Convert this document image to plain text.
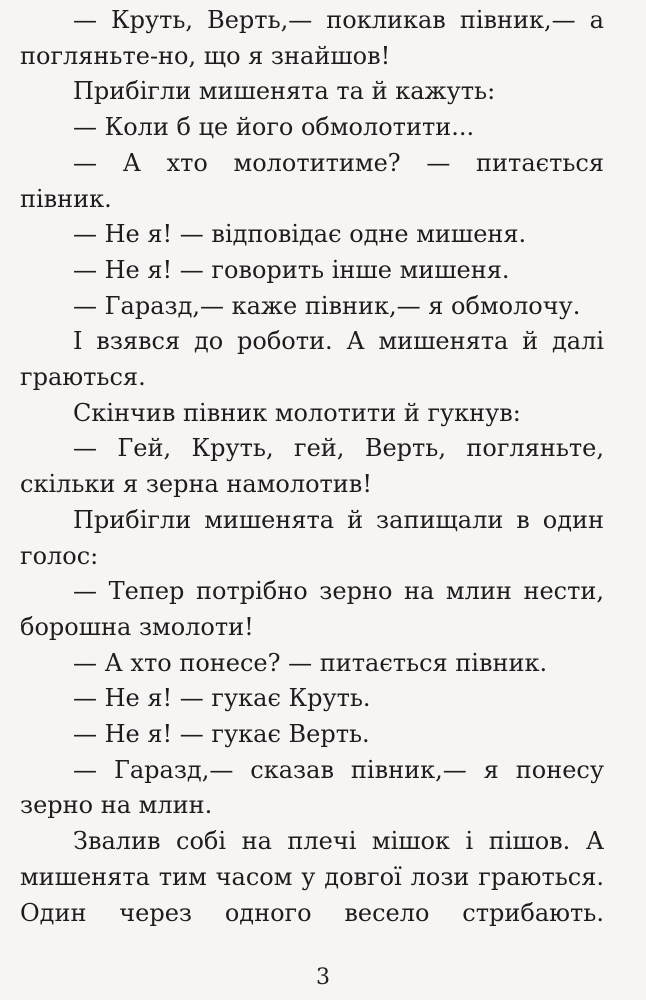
— Круть, Верть,— покликав півник,— а погляньте-но, що я знайшов!

Прибігли мишенята та й кажуть:

— Коли б це його обмолотити...

— А хто молотитиме? — питається півник.

— Не я! — відповідає одне мишеня.

— Не я! — говорить інше мишеня.

— Гаразд,— каже півник,— я обмолочу.

І взявся до роботи. А мишенята й далі граються.

Скінчив півник молотити й гукнув:

— Гей, Круть, гей, Верть, погляньте, скільки я зерна намолотив!

Прибігли мишенята й запищали в один голос:

— Тепер потрібно зерно на млин нести, борошна змолоти!

— А хто понесе? — питається півник.

— Не я! — гукає Круть.

— Не я! — гукає Верть.

— Гаразд,— сказав півник,— я понесу зерно на млин.

Звалив собі на плечі мішок і пішов. А мишенята тим часом у довгої лози граються. Один через одного весело стрибають.

3
